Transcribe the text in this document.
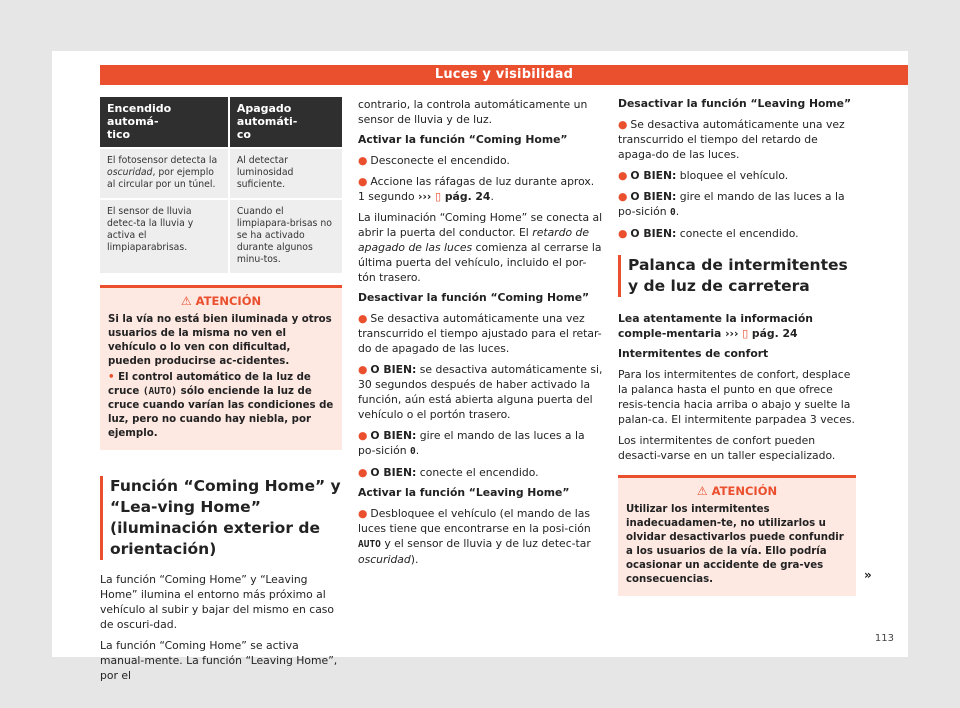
Luces y visibilidad
Encendido automá-
tico	Apagado automáti-
co
El fotosensor detecta la oscuridad, por ejemplo al circular por un túnel.	Al detectar luminosidad suficiente.
El sensor de lluvia detec-ta la lluvia y activa el limpiaparabrisas.	Cuando el limpiapara-brisas no se ha activado durante algunos minu-tos.
⚠ ATENCIÓN

Si la vía no está bien iluminada y otros usuarios de la misma no ven el vehículo o lo ven con dificultad, pueden producirse ac-cidentes.

• El control automático de la luz de cruce (AUTO) sólo enciende la luz de cruce cuando varían las condiciones de luz, pero no cuando hay niebla, por ejemplo.

Función “Coming Home” y “Lea-ving Home” (iluminación exterior de orientación)

La función “Coming Home” y “Leaving Home” ilumina el entorno más próximo al vehículo al subir y bajar del mismo en caso de oscuri-dad.

La función “Coming Home” se activa manual-mente. La función “Leaving Home”, por el

contrario, la controla automáticamente un sensor de lluvia y de luz.

Activar la función “Coming Home”
● Desconecte el encendido.
● Accione las ráfagas de luz durante aprox. 1 segundo ››› ▯ pág. 24.

La iluminación “Coming Home” se conecta al abrir la puerta del conductor. El retardo de apagado de las luces comienza al cerrarse la última puerta del vehículo, incluido el por-tón trasero.

Desactivar la función “Coming Home”
● Se desactiva automáticamente una vez transcurrido el tiempo ajustado para el retar-do de apagado de las luces.
● O BIEN: se desactiva automáticamente si, 30 segundos después de haber activado la función, aún está abierta alguna puerta del vehículo o el portón trasero.
● O BIEN: gire el mando de las luces a la po-sición 0.
● O BIEN: conecte el encendido.
Activar la función “Leaving Home”
● Desbloquee el vehículo (el mando de las luces tiene que encontrarse en la posi-ción AUTO y el sensor de lluvia y de luz detec-tar oscuridad).
Desactivar la función “Leaving Home”
● Se desactiva automáticamente una vez transcurrido el tiempo del retardo de apaga-do de las luces.
● O BIEN: bloquee el vehículo.
● O BIEN: gire el mando de las luces a la po-sición 0.
● O BIEN: conecte el encendido.
Palanca de intermitentes y de luz de carretera

Lea atentamente la información comple-mentaria ››› ▯ pág. 24

Intermitentes de confort

Para los intermitentes de confort, desplace la palanca hasta el punto en que ofrece resis-tencia hacia arriba o abajo y suelte la palan-ca. El intermitente parpadea 3 veces.

Los intermitentes de confort pueden desacti-varse en un taller especializado.

⚠ ATENCIÓN

Utilizar los intermitentes inadecuadamen-te, no utilizarlos u olvidar desactivarlos puede confundir a los usuarios de la vía. Ello podría ocasionar un accidente de gra-ves consecuencias.	»
113
